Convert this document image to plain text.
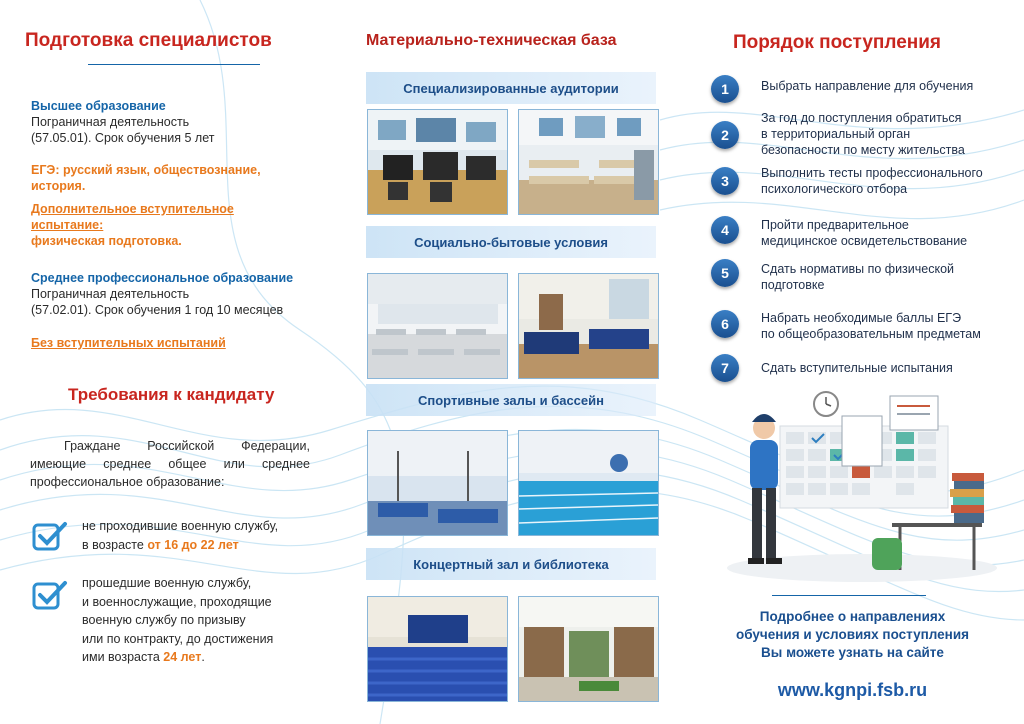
Подготовка специалистов
Высшее образование
Пограничная деятельность
(57.05.01). Срок обучения 5 лет
ЕГЭ: русский язык, обществознание,
история.
Дополнительное вступительное
испытание:
физическая подготовка.
Среднее профессиональное образование
Пограничная деятельность
(57.02.01). Срок обучения 1 год 10 месяцев
Без вступительных испытаний
Требования к кандидату
Граждане Российской Федерации,
имеющие среднее общее или среднее
профессиональное образование:
не проходившие военную службу,
в возрасте от 16 до 22 лет
прошедшие военную службу,
и военнослужащие, проходящие
военную службу по призыву
или по контракту, до достижения
ими возраста 24 лет.
Материально-техническая база
Специализированные аудитории
Социально-бытовые условия
Спортивные залы и бассейн
Концертный зал и библиотека
Порядок поступления
1	Выбрать направление для обучения
2
За год до поступления обратиться
в территориальный орган
безопасности по месту жительства
3	Выполнить тесты профессионального
психологического отбора
4	Пройти предварительное
медицинское освидетельствование
5	Сдать нормативы по физической
подготовке
6	Набрать необходимые баллы ЕГЭ
по общеобразовательным предметам
7	Сдать вступительные испытания
Подробнее о направлениях
обучения и условиях поступления
Вы можете узнать на сайте
www.kgnpi.fsb.ru
